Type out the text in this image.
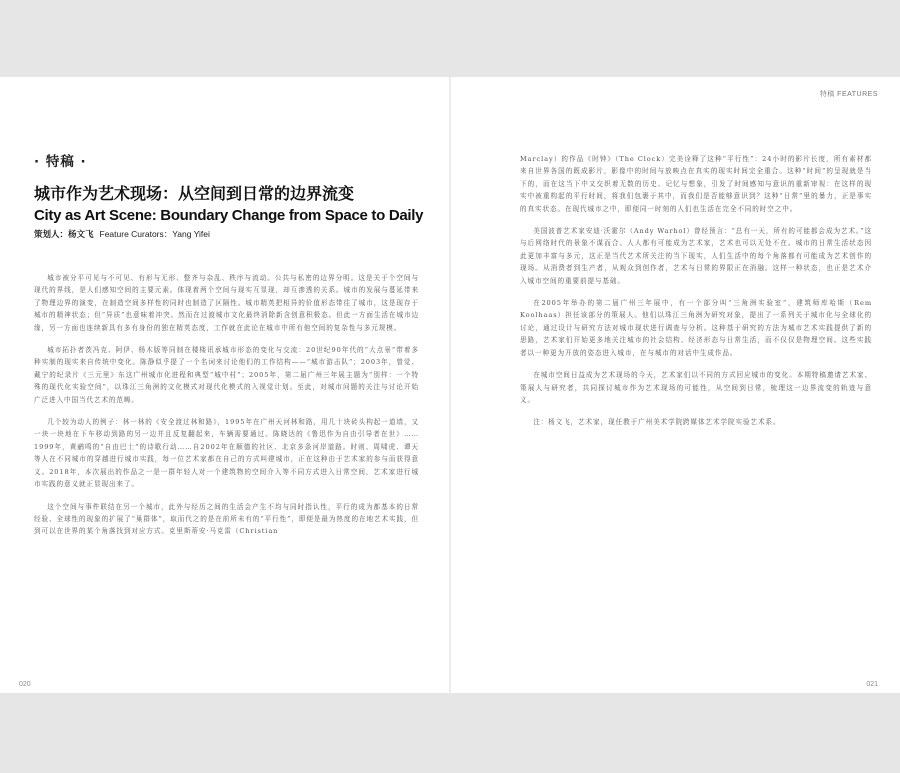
· 特稿 ·
城市作为艺术现场：从空间到日常的边界流变
City as Art Scene: Boundary Change from Space to Daily

策划人：杨文飞 Feature Curators：Yang Yifei

城市被分平可见与不可见、有形与无形、整齐与杂乱、秩序与流动。公共与私密的边界分明。这是关于个空间与现代的界线，是人们感知空间的主要元素。体现着两个空间与现实互显现，却互渗透的关系。城市的发展与蔓延带来了物理边界的演变，在制造空间多样性的同时也制造了区隔性。城市精英把相异的价值形态带往了城市，这是现存于城市的精神状态；但“异质”也意味着冲突。然而在过渡城市文化最终消除新含创意积极态。但此一方面生活在城市边缘，另一方面也连续新具有多有身份的独在精英态度，工作就在此论在城市中所有他空间的复杂性与多元规模。

城市拓扑者茨冯克、阿伊、杨木版等同制在楼楼讯承城市形态的变化与交流：20世纪90年代的“大点景”带着多种实制的现实来自传统中变化。陈静似乎提了一个名词来讨论他们的工作结构——“城市游击队”；2003年，曾觉、戴宁的纪录片《三元里》东这广州城市化进程和典型“城中村”；2005年，第二届广州三年展主题为“别样：一个特殊的现代化实验空间”，以珠江三角洲的文化模式对现代化模式的入视觉计划。至此，对城市问题的关注与讨论开始广泛进入中国当代艺术的范畴。

几个较为动人的例子：林一林的《安全渡过林和路》，1995年在广州天河林和路，用几十块砖头构起一道墙，又一块一块地在下车移动到路的另一边并且反复翻起来，车辆需要通过。陈晓达的《鲁迅作为自由引导者在世》……1999年，黄鹂鸣的“自由巴士”的诗歌行动……自2002年在顺德的社区、北京多条河岸道路。时则、周啸虎、谭天等人在不同城市的穿越进行城市实践，每一位艺术家都在自己的方式叫建城市，正在这种由于艺术家的参与而获得意义。2018年，本次展出的作品之一是一群年轻人对一个建筑物的空间介入等不同方式进入日常空间，艺术家进行城市实践的意义就正显现出来了。

这个空间与事件联结在另一个城市，此外与经历之间的生活会产生不均与同时指认性，平行的成为都基本的日常经验、全球性的现象的扩展了“巢群体”，取而代之的是在前所未有的“平行性”，即便是最为热度的在地艺术实践，但到可以在世界的某个角落找到对应方式。克里斯蒂安·马克雷（Christian

020

特稿 FEATURES

Marclay）的作品《时钟》（The Clock）完美诠释了这种“平行性”：24小时的影片长度，所有素材都来自世界各国的既成影片，影像中的时间与放映点在真实的现实时间完全重合。这种“时间”的呈现就是当下的，而在这当下中又交织着无数的历史、记忆与想象，引发了时间感知与意识的重新审视：在这样的现实中被重构起的平行时间，将我们包裹于其中，而我们是否能够意识到？这种“日常”里的暴力，正是事实的真实状态。在现代城市之中，即便同一时刻的人们也生活在完全不同的时空之中。

美国波普艺术家安迪·沃霍尔（Andy Warhol）曾经预言：“总有一天，所有的可能都会成为艺术。”这与后网络时代的景象不谋而合。人人都有可能成为艺术家，艺术也可以无处不在。城市的日常生活状态因此更加丰富与多元，这正是当代艺术所关注的当下现实，人们生活中的每个角落都有可能成为艺术创作的现场。从消费者到生产者，从观众到创作者，艺术与日常的界限正在消融。这样一种状态，也正是艺术介入城市空间的重要前提与基础。

在2005年举办的第二届广州三年展中，有一个部分叫“三角洲实验室”，建筑师库哈斯（Rem Koolhaas）担任该部分的策展人。他们以珠江三角洲为研究对象，提出了一系列关于城市化与全球化的讨论，通过设计与研究方法对城市现状进行调查与分析。这种基于研究的方法为城市艺术实践提供了新的思路，艺术家们开始更多地关注城市的社会结构、经济形态与日常生活，而不仅仅是物理空间。这些实践者以一种更为开放的姿态进入城市，在与城市的对话中生成作品。

在城市空间日益成为艺术现场的今天，艺术家们以不同的方式回应城市的变化。本期特稿邀请艺术家、策展人与研究者，共同探讨城市作为艺术现场的可能性，从空间到日常，梳理这一边界流变的轨迹与意义。

注：杨文飞，艺术家，现任教于广州美术学院跨媒体艺术学院实验艺术系。

021
